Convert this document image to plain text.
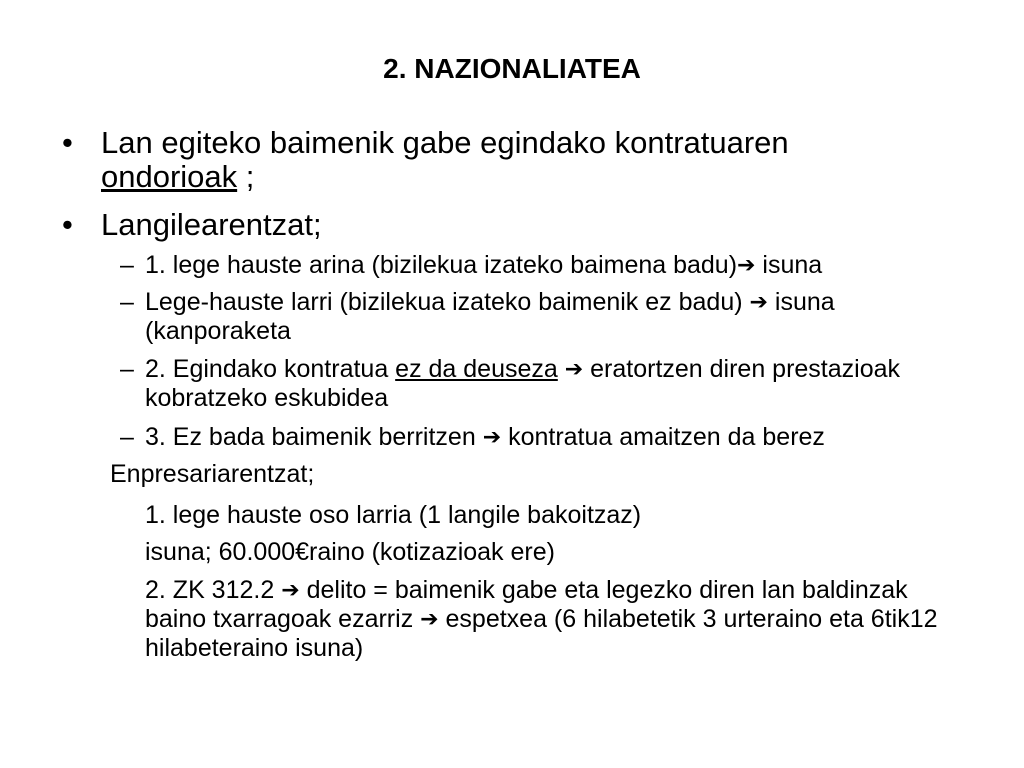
2. NAZIONALIATEA
• Lan egiteko baimenik gabe egindako kontratuaren
ondorioak ;
• Langilearentzat;
– 1. lege hauste arina (bizilekua izateko baimena badu)➔ isuna
– Lege-hauste larri (bizilekua izateko baimenik ez badu) ➔ isuna (kanporaketa
– 2. Egindako kontratua ez da deuseza ➔ eratortzen diren prestazioak kobratzeko eskubidea
– 3. Ez bada baimenik berritzen ➔ kontratua amaitzen da berez
Enpresariarentzat;
1. lege hauste oso larria (1 langile bakoitzaz)
isuna; 60.000€raino (kotizazioak ere)
2. ZK 312.2 ➔ delito = baimenik gabe eta legezko diren lan baldinzak baino txarragoak ezarriz ➔ espetxea (6 hilabetetik 3 urteraino eta 6tik12 hilabeteraino isuna)
